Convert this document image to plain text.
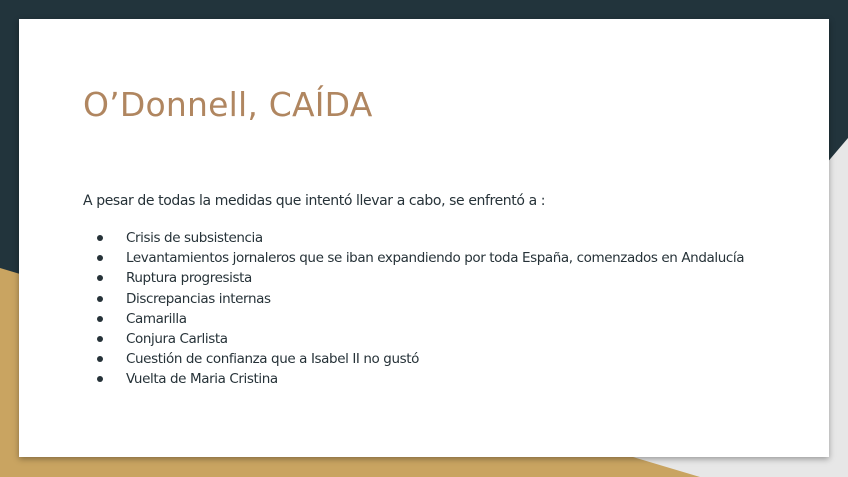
O’Donnell, CAÍDA

A pesar de todas la medidas que intentó llevar a cabo, se enfrentó a :

Crisis de subsistencia
Levantamientos jornaleros que se iban expandiendo por toda España, comenzados en Andalucía
Ruptura progresista
Discrepancias internas
Camarilla
Conjura Carlista
Cuestión de confianza que a Isabel II no gustó
Vuelta de Maria Cristina
